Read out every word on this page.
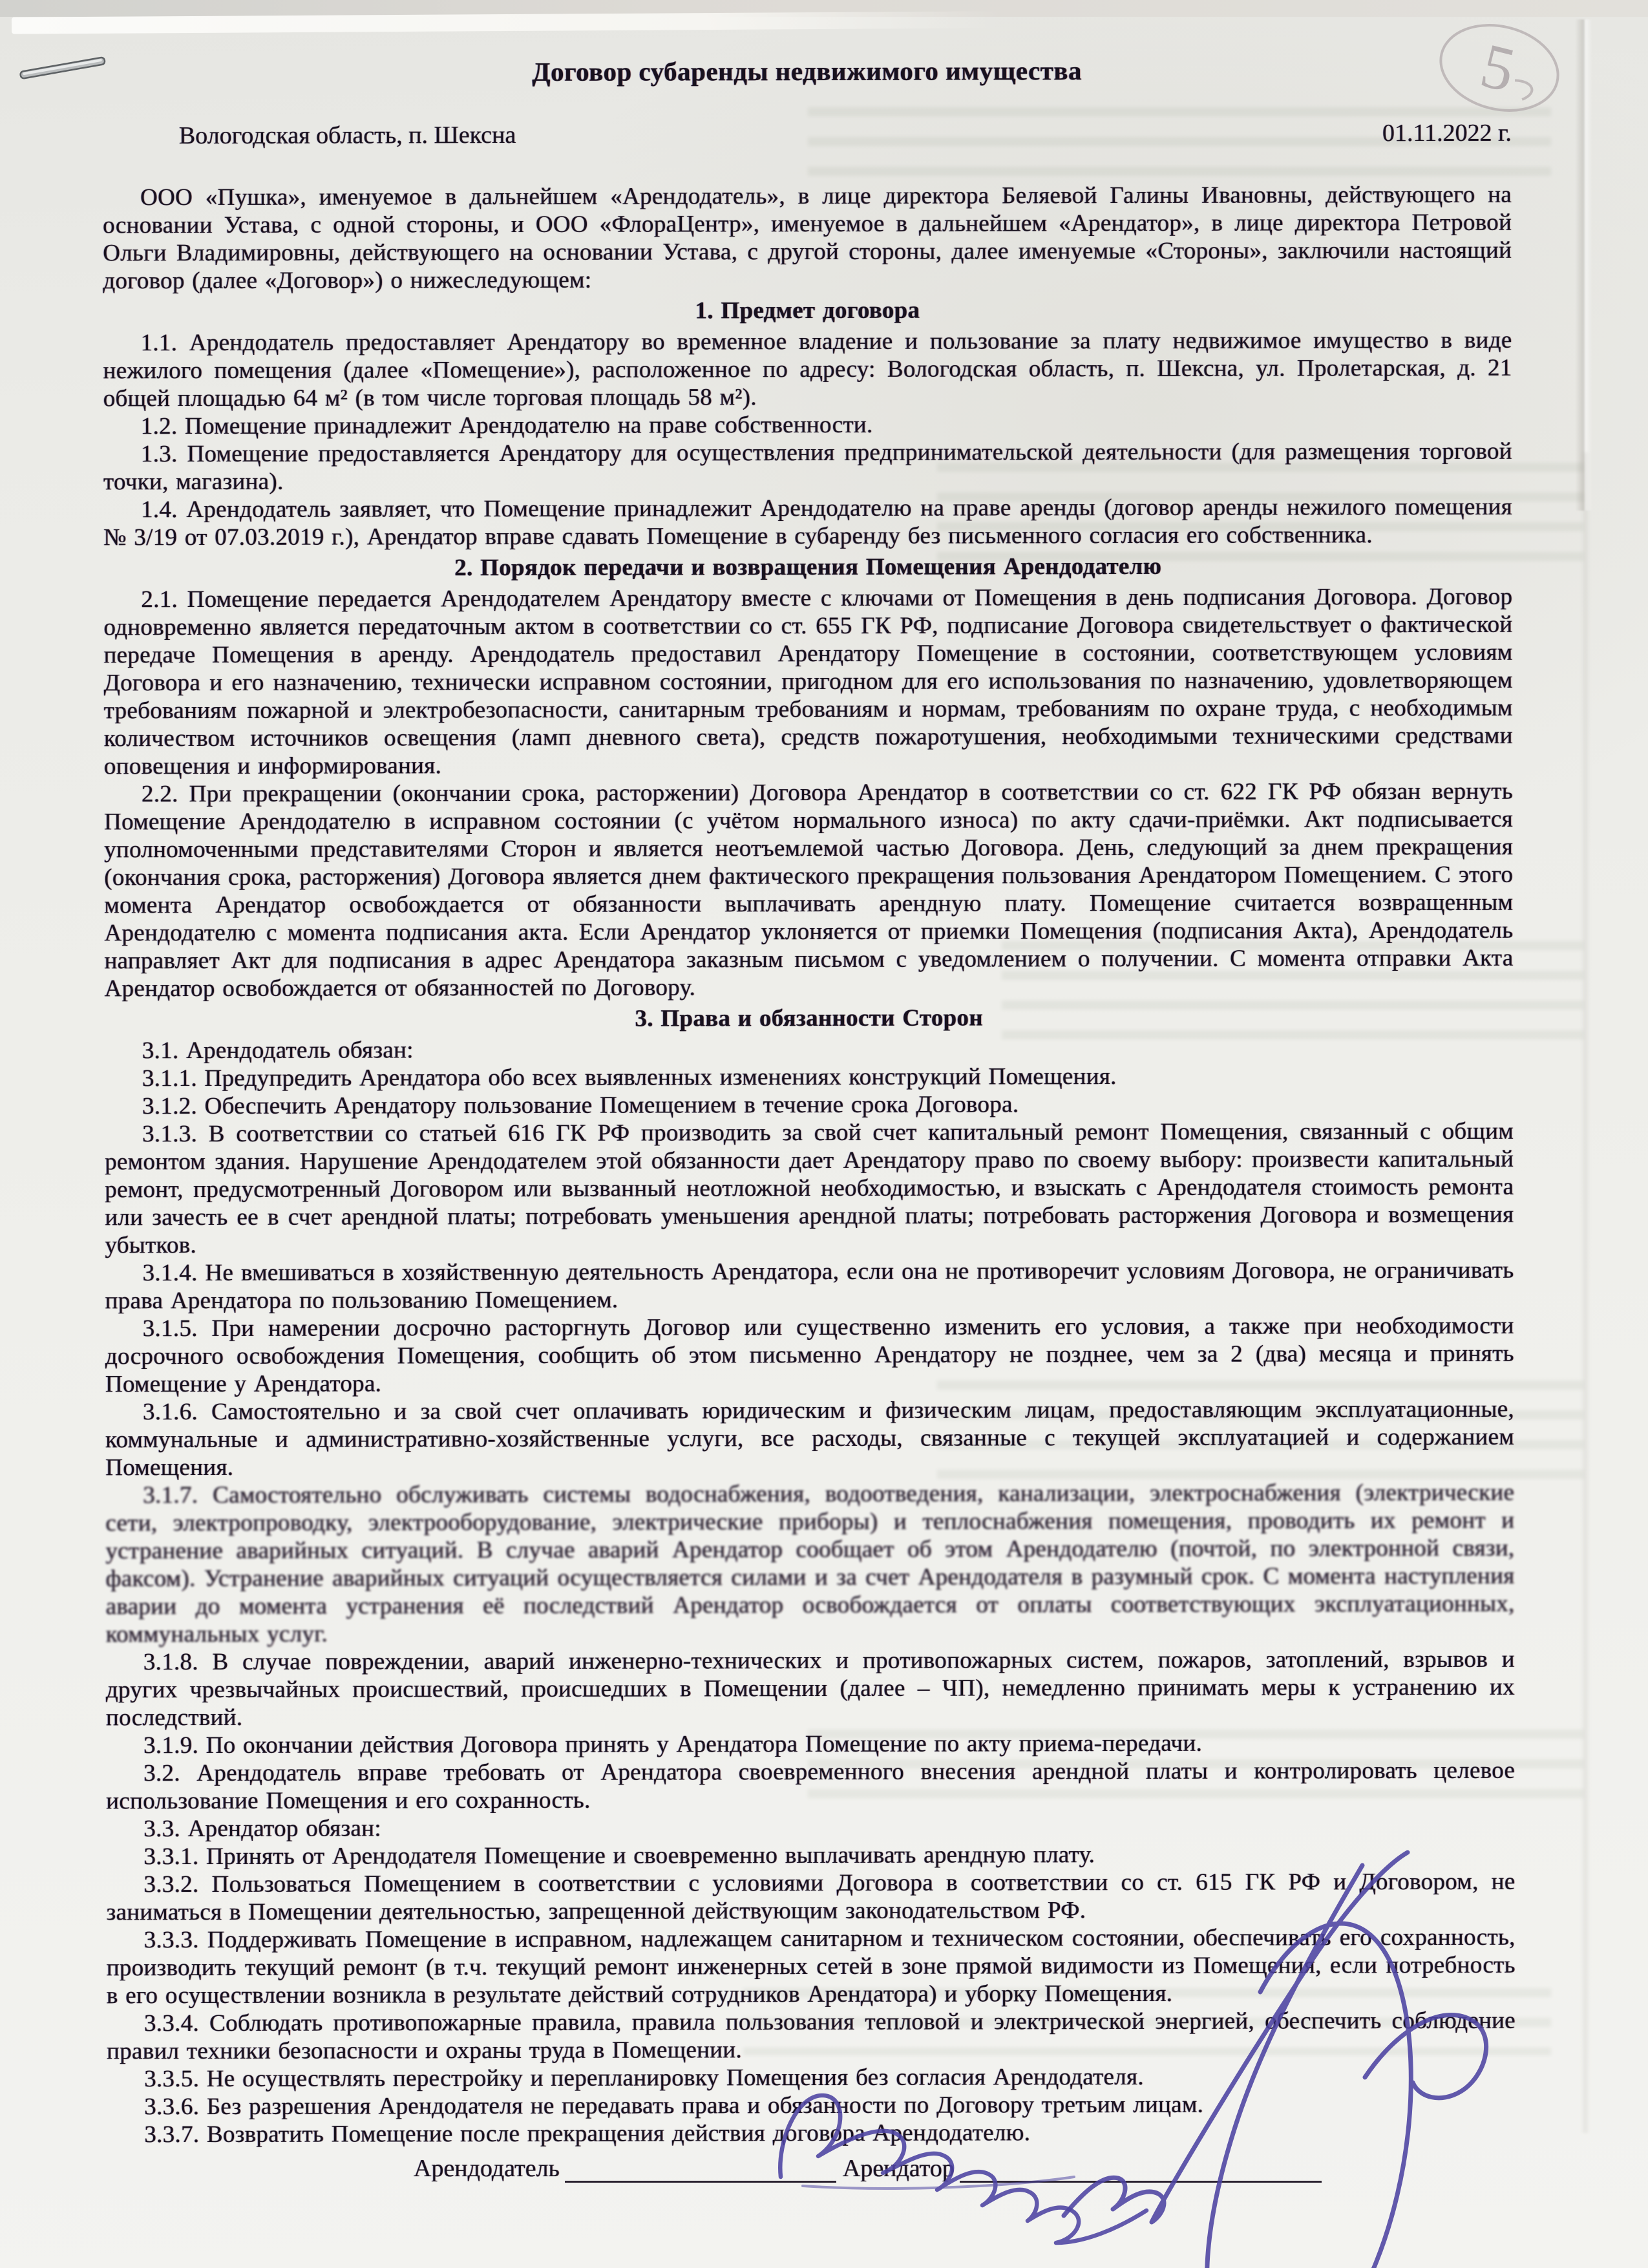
Договор субаренды недвижимого имущества
Вологодская область, п. Шексна	01.11.2022 г.

ООО «Пушка», именуемое в дальнейшем «Арендодатель», в лице директора Беляевой Галины Ивановны, действующего на основании Устава, с одной стороны, и ООО «ФлораЦентр», именуемое в дальнейшем «Арендатор», в лице директора Петровой Ольги Владимировны, действующего на основании Устава, с другой стороны, далее именуемые «Стороны», заключили настоящий договор (далее «Договор») о нижеследующем:

1. Предмет договора

1.1. Арендодатель предоставляет Арендатору во временное владение и пользование за плату недвижимое имущество в виде нежилого помещения (далее «Помещение»), расположенное по адресу: Вологодская область, п. Шексна, ул. Пролетарская, д. 21 общей площадью 64 м² (в том числе торговая площадь 58 м²).

1.2. Помещение принадлежит Арендодателю на праве собственности.

1.3. Помещение предоставляется Арендатору для осуществления предпринимательской деятельности (для размещения торговой точки, магазина).

1.4. Арендодатель заявляет, что Помещение принадлежит Арендодателю на праве аренды (договор аренды нежилого помещения № 3/19 от 07.03.2019 г.), Арендатор вправе сдавать Помещение в субаренду без письменного согласия его собственника.

2. Порядок передачи и возвращения Помещения Арендодателю

2.1. Помещение передается Арендодателем Арендатору вместе с ключами от Помещения в день подписания Договора. Договор одновременно является передаточным актом в соответствии со ст. 655 ГК РФ, подписание Договора свидетельствует о фактической передаче Помещения в аренду. Арендодатель предоставил Арендатору Помещение в состоянии, соответствующем условиям Договора и его назначению, технически исправном состоянии, пригодном для его использования по назначению, удовлетворяющем требованиям пожарной и электробезопасности, санитарным требованиям и нормам, требованиям по охране труда, с необходимым количеством источников освещения (ламп дневного света), средств пожаротушения, необходимыми техническими средствами оповещения и информирования.

2.2. При прекращении (окончании срока, расторжении) Договора Арендатор в соответствии со ст. 622 ГК РФ обязан вернуть Помещение Арендодателю в исправном состоянии (с учётом нормального износа) по акту сдачи-приёмки. Акт подписывается уполномоченными представителями Сторон и является неотъемлемой частью Договора. День, следующий за днем прекращения (окончания срока, расторжения) Договора является днем фактического прекращения пользования Арендатором Помещением. С этого момента Арендатор освобождается от обязанности выплачивать арендную плату. Помещение считается возвращенным Арендодателю с момента подписания акта. Если Арендатор уклоняется от приемки Помещения (подписания Акта), Арендодатель направляет Акт для подписания в адрес Арендатора заказным письмом с уведомлением о получении. С момента отправки Акта Арендатор освобождается от обязанностей по Договору.

3. Права и обязанности Сторон

3.1. Арендодатель обязан:

3.1.1. Предупредить Арендатора обо всех выявленных изменениях конструкций Помещения.

3.1.2. Обеспечить Арендатору пользование Помещением в течение срока Договора.

3.1.3. В соответствии со статьей 616 ГК РФ производить за свой счет капитальный ремонт Помещения, связанный с общим ремонтом здания. Нарушение Арендодателем этой обязанности дает Арендатору право по своему выбору: произвести капитальный ремонт, предусмотренный Договором или вызванный неотложной необходимостью, и взыскать с Арендодателя стоимость ремонта или зачесть ее в счет арендной платы; потребовать уменьшения арендной платы; потребовать расторжения Договора и возмещения убытков.

3.1.4. Не вмешиваться в хозяйственную деятельность Арендатора, если она не противоречит условиям Договора, не ограничивать права Арендатора по пользованию Помещением.

3.1.5. При намерении досрочно расторгнуть Договор или существенно изменить его условия, а также при необходимости досрочного освобождения Помещения, сообщить об этом письменно Арендатору не позднее, чем за 2 (два) месяца и принять Помещение у Арендатора.

3.1.6. Самостоятельно и за свой счет оплачивать юридическим и физическим лицам, предоставляющим эксплуатационные, коммунальные и административно-хозяйственные услуги, все расходы, связанные с текущей эксплуатацией и содержанием Помещения.

3.1.7. Самостоятельно обслуживать системы водоснабжения, водоотведения, канализации, электроснабжения (электрические сети, электропроводку, электрооборудование, электрические приборы) и теплоснабжения помещения, проводить их ремонт и устранение аварийных ситуаций. В случае аварий Арендатор сообщает об этом Арендодателю (почтой, по электронной связи, факсом). Устранение аварийных ситуаций осуществляется силами и за счет Арендодателя в разумный срок. С момента наступления аварии до момента устранения её последствий Арендатор освобождается от оплаты соответствующих эксплуатационных, коммунальных услуг.

3.1.8. В случае повреждении, аварий инженерно-технических и противопожарных систем, пожаров, затоплений, взрывов и других чрезвычайных происшествий, происшедших в Помещении (далее – ЧП), немедленно принимать меры к устранению их последствий.

3.1.9. По окончании действия Договора принять у Арендатора Помещение по акту приема-передачи.

3.2. Арендодатель вправе требовать от Арендатора своевременного внесения арендной платы и контролировать целевое использование Помещения и его сохранность.

3.3. Арендатор обязан:

3.3.1. Принять от Арендодателя Помещение и своевременно выплачивать арендную плату.

3.3.2. Пользоваться Помещением в соответствии с условиями Договора в соответствии со ст. 615 ГК РФ и Договором, не заниматься в Помещении деятельностью, запрещенной действующим законодательством РФ.

3.3.3. Поддерживать Помещение в исправном, надлежащем санитарном и техническом состоянии, обеспечивать его сохранность, производить текущий ремонт (в т.ч. текущий ремонт инженерных сетей в зоне прямой видимости из Помещения, если потребность в его осуществлении возникла в результате действий сотрудников Арендатора) и уборку Помещения.

3.3.4. Соблюдать противопожарные правила, правила пользования тепловой и электрической энергией, обеспечить соблюдение правил техники безопасности и охраны труда в Помещении.

3.3.5. Не осуществлять перестройку и перепланировку Помещения без согласия Арендодателя.

3.3.6. Без разрешения Арендодателя не передавать права и обязанности по Договору третьим лицам.

3.3.7. Возвратить Помещение после прекращения действия договора Арендодателю.

Арендодатель	Арендатор
5
